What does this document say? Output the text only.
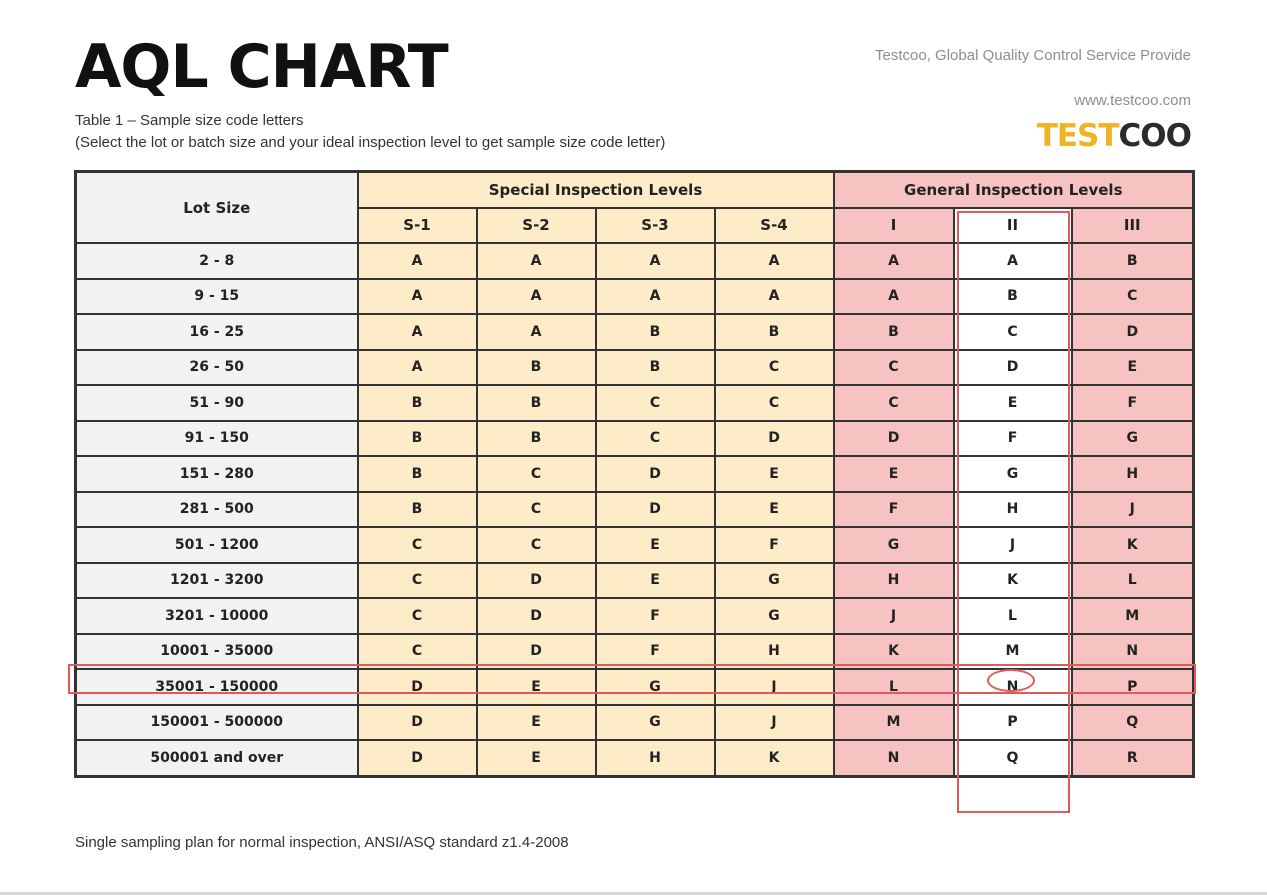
AQL CHART
Table 1 – Sample size code letters
(Select the lot or batch size and your ideal inspection level to get sample size code letter)
Testcoo, Global Quality Control Service Provide
www.testcoo.com
TESTCOO
Lot Size	Special Inspection Levels				General Inspection Levels		
	S-1	S-2	S-3	S-4	I	II	III
2 - 8	A	A	A	A	A	A	B
9 - 15	A	A	A	A	A	B	C
16 - 25	A	A	B	B	B	C	D
26 - 50	A	B	B	C	C	D	E
51 - 90	B	B	C	C	C	E	F
91 - 150	B	B	C	D	D	F	G
151 - 280	B	C	D	E	E	G	H
281 - 500	B	C	D	E	F	H	J
501 - 1200	C	C	E	F	G	J	K
1201 - 3200	C	D	E	G	H	K	L
3201 - 10000	C	D	F	G	J	L	M
10001 - 35000	C	D	F	H	K	M	N
35001 - 150000	D	E	G	J	L	N	P
150001 - 500000	D	E	G	J	M	P	Q
500001 and over	D	E	H	K	N	Q	R
Single sampling plan for normal inspection, ANSI/ASQ standard z1.4-2008
